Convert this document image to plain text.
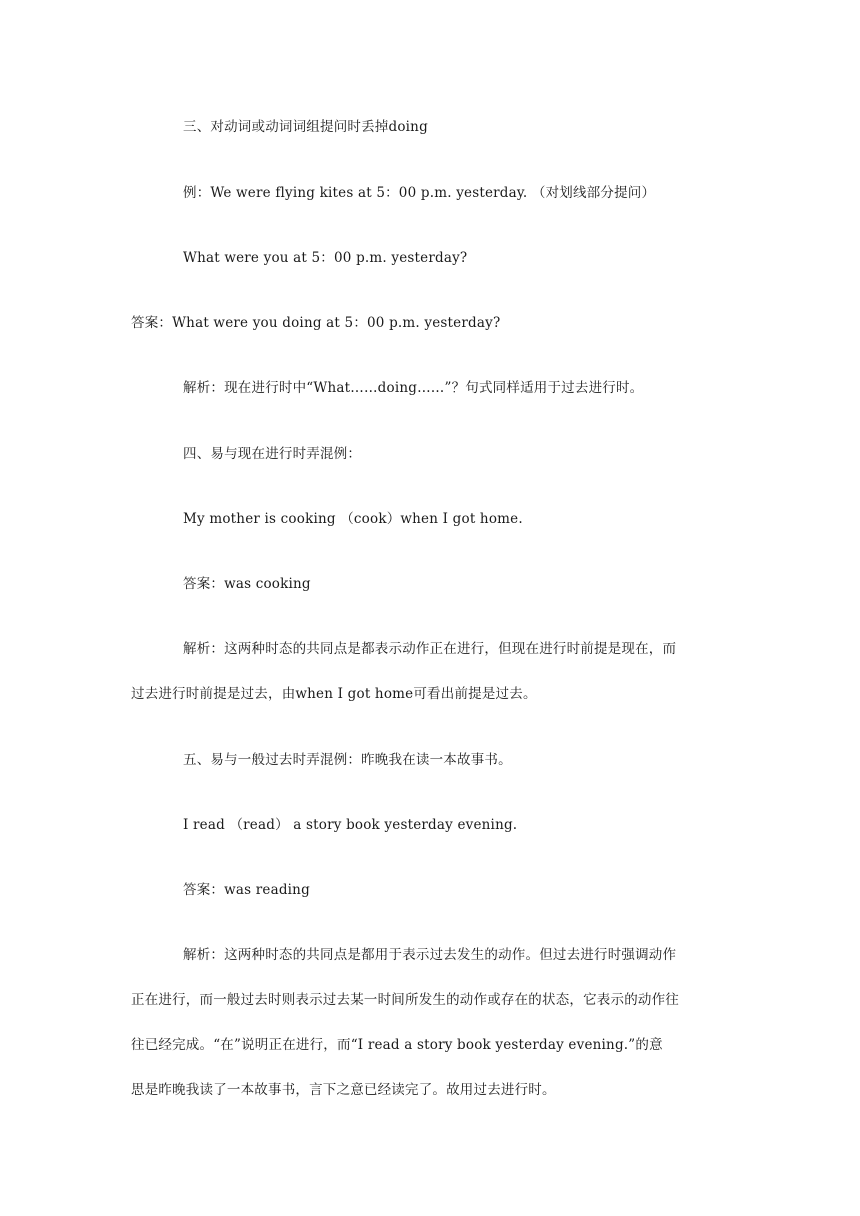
三、对动词或动词词组提问时丢掉doing
例：We were flying kites at 5：00 p.m. yesterday. （对划线部分提问）
What were you at 5：00 p.m. yesterday?
答案：What were you doing at 5：00 p.m. yesterday?
解析：现在进行时中“What……doing……”？句式同样适用于过去进行时。
四、易与现在进行时弄混例：
My mother is cooking （cook）when I got home.
答案：was cooking
解析：这两种时态的共同点是都表示动作正在进行，但现在进行时前提是现在，而
过去进行时前提是过去，由when I got home可看出前提是过去。
五、易与一般过去时弄混例：昨晚我在读一本故事书。
I read （read） a story book yesterday evening.
答案：was reading
解析：这两种时态的共同点是都用于表示过去发生的动作。但过去进行时强调动作
正在进行，而一般过去时则表示过去某一时间所发生的动作或存在的状态，它表示的动作往
往已经完成。“在”说明正在进行，而“I read a story book yesterday evening.”的意
思是昨晚我读了一本故事书，言下之意已经读完了。故用过去进行时。
